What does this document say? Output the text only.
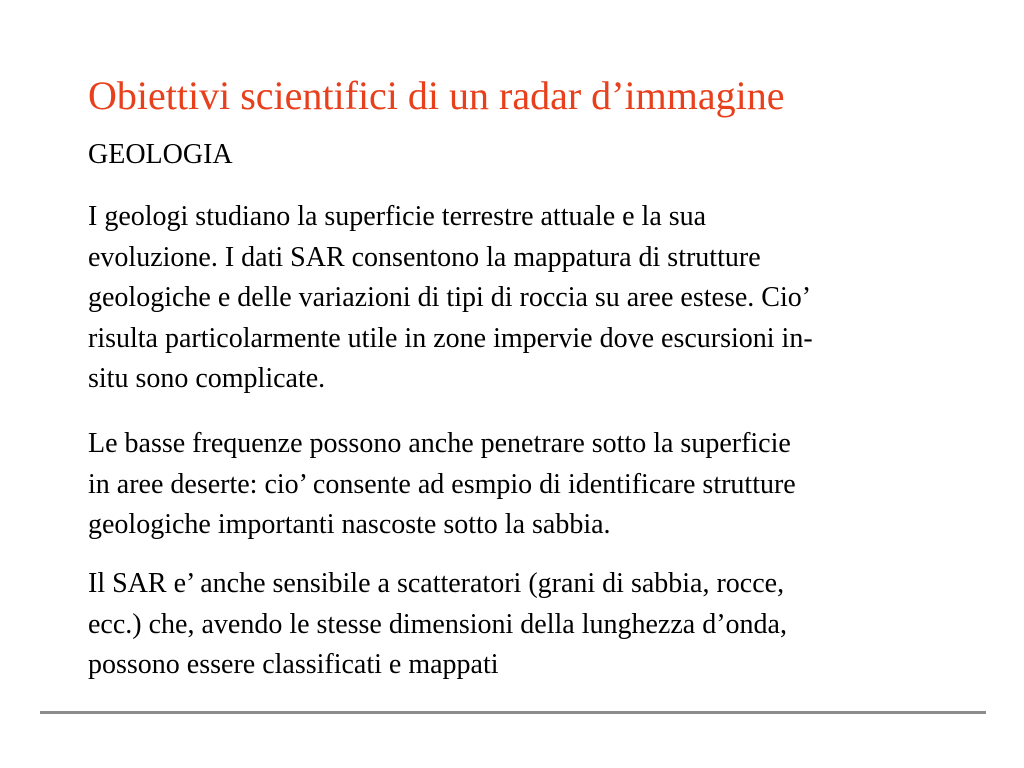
Obiettivi scientifici di un radar d’immagine
GEOLOGIA

I geologi studiano la superficie terrestre attuale e la sua
evoluzione. I dati SAR consentono la mappatura di strutture
geologiche e delle variazioni di tipi di roccia su aree estese. Cio’
risulta particolarmente utile in zone impervie dove escursioni in-
situ sono complicate.

Le basse frequenze possono anche penetrare sotto la superficie
in aree deserte: cio’ consente ad esmpio di identificare strutture
geologiche importanti nascoste sotto la sabbia.

Il SAR e’ anche sensibile a scatteratori (grani di sabbia, rocce,
ecc.) che, avendo le stesse dimensioni della lunghezza d’onda,
possono essere classificati e mappati
